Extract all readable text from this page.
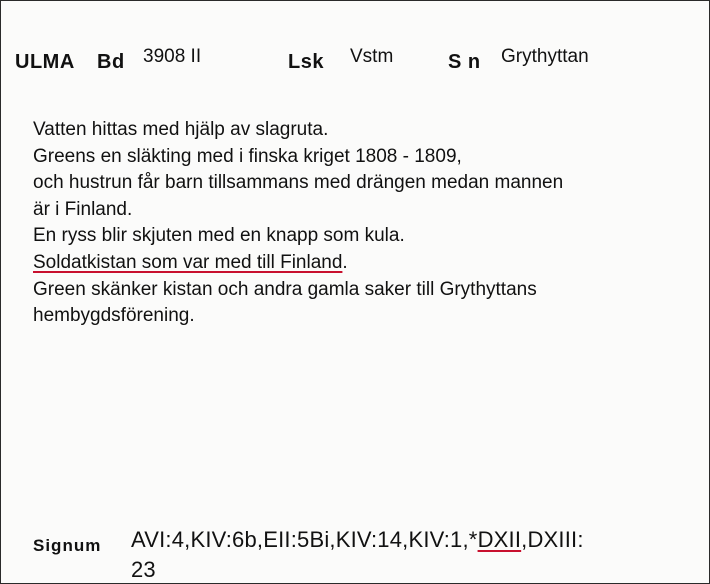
ULMA Bd 3908 II	Lsk Vstm	S n Grythyttan
Vatten hittas med hjälp av slagruta.
Greens en släkting med i finska kriget 1808 - 1809,
och hustrun får barn tillsammans med drängen medan mannen
är i Finland.
En ryss blir skjuten med en knapp som kula.
Soldatkistan som var med till Finland.
Green skänker kistan och andra gamla saker till Grythyttans
hembygdsförening.
Signum AVI:4,KIV:6b,EII:5Bi,KIV:14,KIV:1,*DXII,DXIII:
23
